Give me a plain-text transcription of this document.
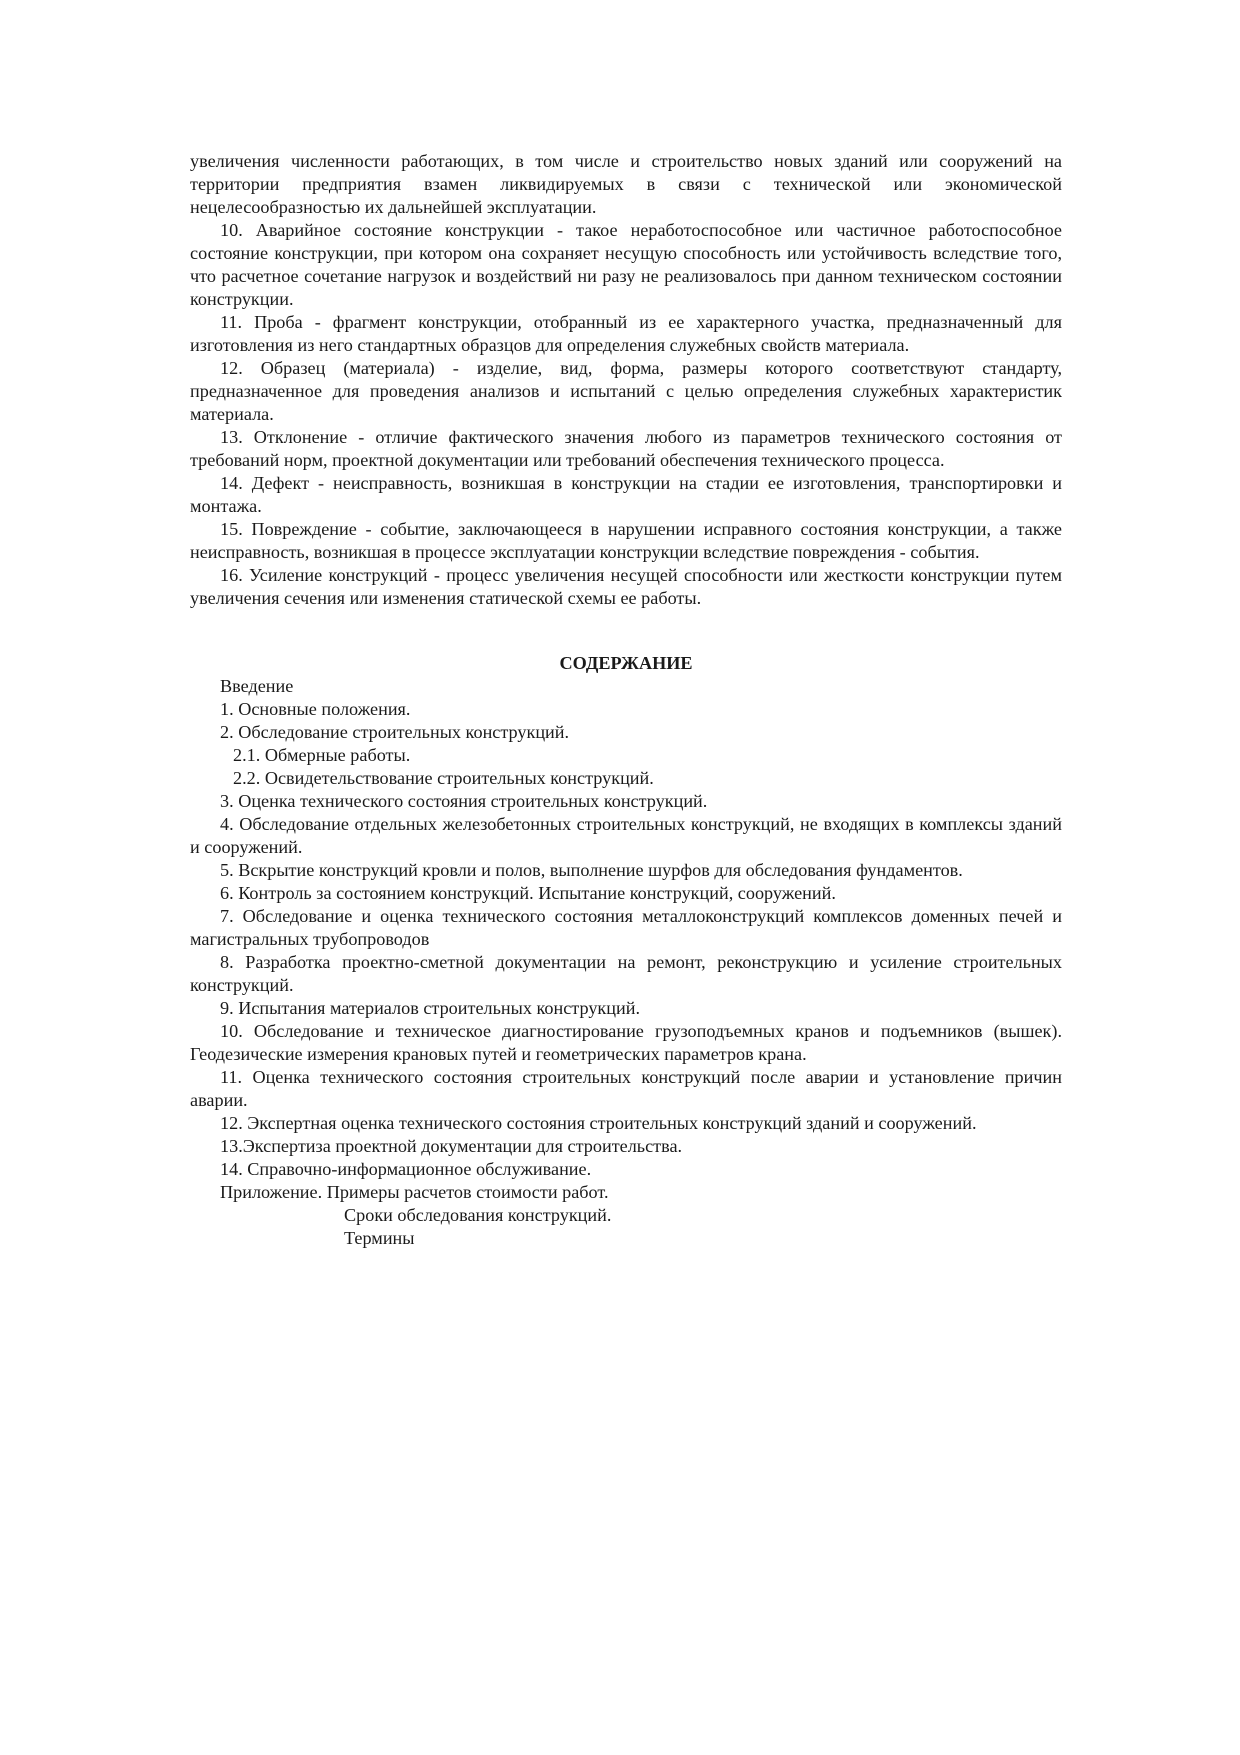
увеличения численности работающих, в том числе и строительство новых зданий или сооружений на территории предприятия взамен ликвидируемых в связи с технической или экономической нецелесообразностью их дальнейшей эксплуатации.

10. Аварийное состояние конструкции - такое неработоспособное или частичное работоспособное состояние конструкции, при котором она сохраняет несущую способность или устойчивость вследствие того, что расчетное сочетание нагрузок и воздействий ни разу не реализовалось при данном техническом состоянии конструкции.

11. Проба - фрагмент конструкции, отобранный из ее характерного участка, предназначенный для изготовления из него стандартных образцов для определения служебных свойств материала.

12. Образец (материала) - изделие, вид, форма, размеры которого соответствуют стандарту, предназначенное для проведения анализов и испытаний с целью определения служебных характеристик материала.

13. Отклонение - отличие фактического значения любого из параметров технического состояния от требований норм, проектной документации или требований обеспечения технического процесса.

14. Дефект - неисправность, возникшая в конструкции на стадии ее изготовления, транспортировки и монтажа.

15. Повреждение - событие, заключающееся в нарушении исправного состояния конструкции, а также неисправность, возникшая в процессе эксплуатации конструкции вследствие повреждения - события.

16. Усиление конструкций - процесс увеличения несущей способности или жесткости конструкции путем увеличения сечения или изменения статической схемы ее работы.

СОДЕРЖАНИЕ

Введение
1. Основные положения.
2. Обследование строительных конструкций.
2.1. Обмерные работы.
2.2. Освидетельствование строительных конструкций.
3. Оценка технического состояния строительных конструкций.
4. Обследование отдельных железобетонных строительных конструкций, не входящих в комплексы зданий и сооружений.
5. Вскрытие конструкций кровли и полов, выполнение шурфов для обследования фундаментов.
6. Контроль за состоянием конструкций. Испытание конструкций, сооружений.
7. Обследование и оценка технического состояния металлоконструкций комплексов доменных печей и магистральных трубопроводов
8. Разработка проектно-сметной документации на ремонт, реконструкцию и усиление строительных конструкций.
9. Испытания материалов строительных конструкций.
10. Обследование и техническое диагностирование грузоподъемных кранов и подъемников (вышек). Геодезические измерения крановых путей и геометрических параметров крана.
11. Оценка технического состояния строительных конструкций после аварии и установление причин аварии.
12. Экспертная оценка технического состояния строительных конструкций зданий и сооружений.
13.Экспертиза проектной документации для строительства.
14. Справочно-информационное обслуживание.
Приложение. Примеры расчетов стоимости работ.
Сроки обследования конструкций.
Термины
